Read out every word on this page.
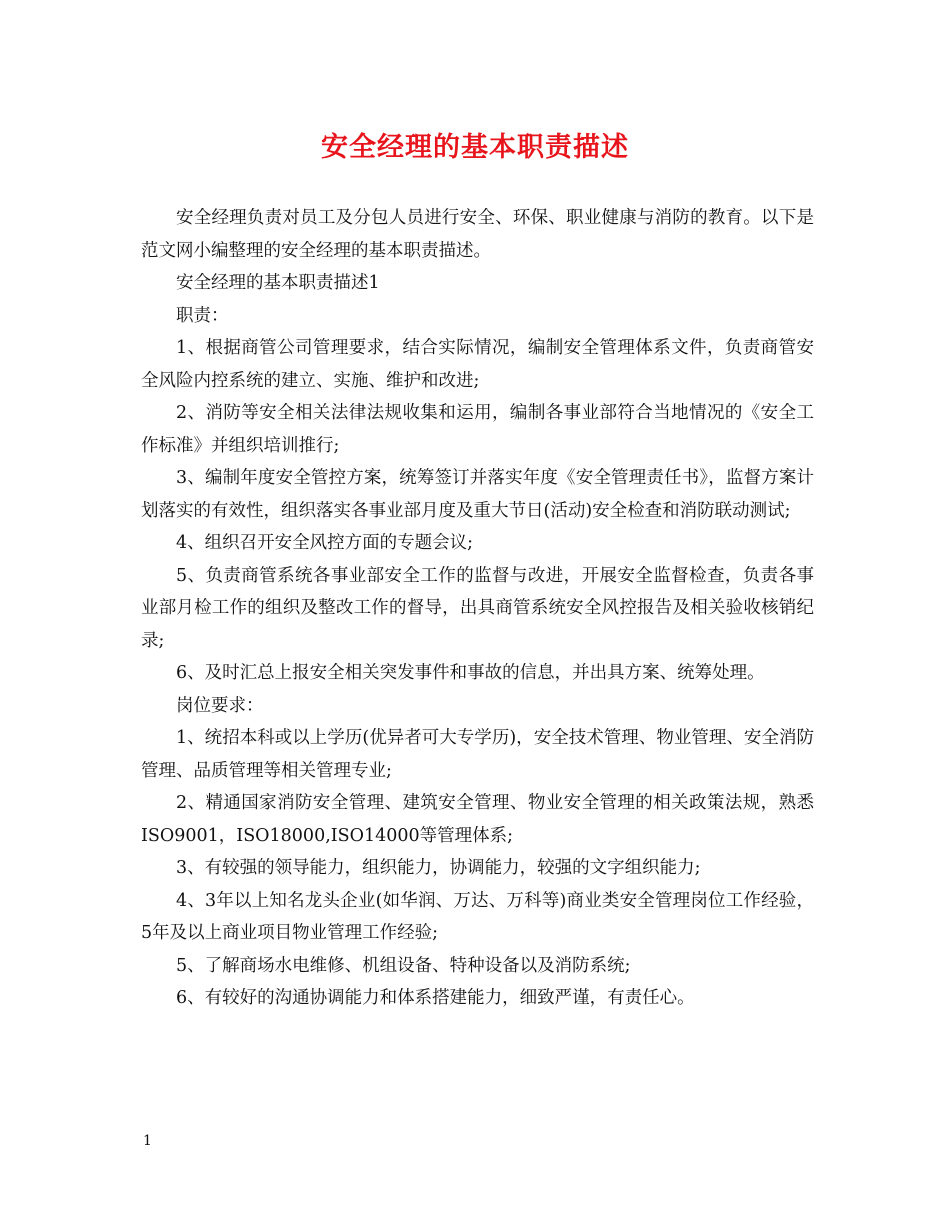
安全经理的基本职责描述

安全经理负责对员工及分包人员进行安全、环保、职业健康与消防的教育。以下是范文网小编整理的安全经理的基本职责描述。

安全经理的基本职责描述1

职责：

1、根据商管公司管理要求，结合实际情况，编制安全管理体系文件，负责商管安全风险内控系统的建立、实施、维护和改进;

2、消防等安全相关法律法规收集和运用，编制各事业部符合当地情况的《安全工作标准》并组织培训推行;

3、编制年度安全管控方案，统筹签订并落实年度《安全管理责任书》，监督方案计划落实的有效性，组织落实各事业部月度及重大节日(活动)安全检查和消防联动测试;

4、组织召开安全风控方面的专题会议;

5、负责商管系统各事业部安全工作的监督与改进，开展安全监督检查，负责各事业部月检工作的组织及整改工作的督导，出具商管系统安全风控报告及相关验收核销纪录;

6、及时汇总上报安全相关突发事件和事故的信息，并出具方案、统筹处理。

岗位要求：

1、统招本科或以上学历(优异者可大专学历)，安全技术管理、物业管理、安全消防管理、品质管理等相关管理专业;

2、精通国家消防安全管理、建筑安全管理、物业安全管理的相关政策法规，熟悉ISO9001，ISO18000,ISO14000等管理体系;

3、有较强的领导能力，组织能力，协调能力，较强的文字组织能力;

4、3年以上知名龙头企业(如华润、万达、万科等)商业类安全管理岗位工作经验，5年及以上商业项目物业管理工作经验;

5、了解商场水电维修、机组设备、特种设备以及消防系统;

6、有较好的沟通协调能力和体系搭建能力，细致严谨，有责任心。

1
